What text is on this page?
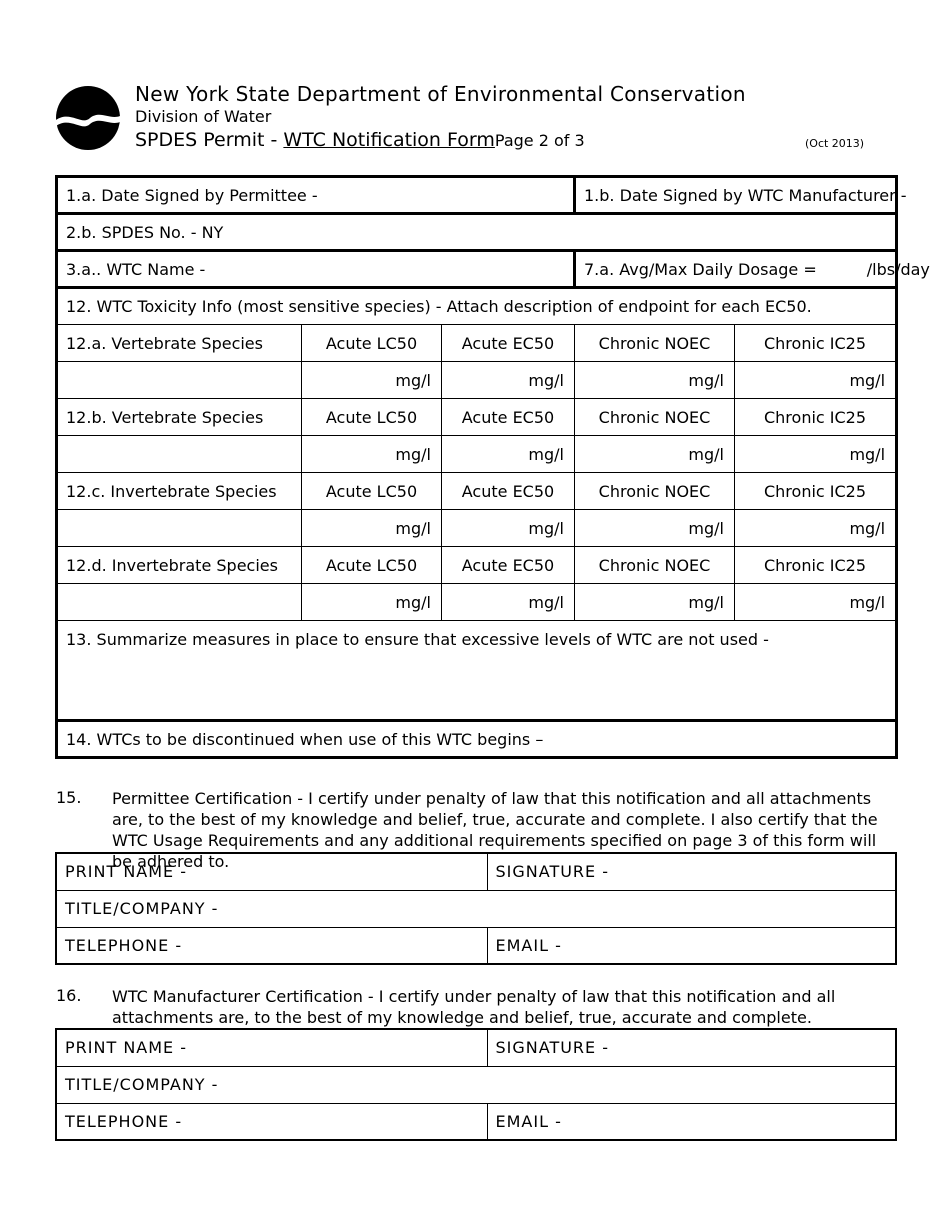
New York State Department of Environmental Conservation
Division of Water
SPDES Permit - WTC Notification FormPage 2 of 3	(Oct 2013)
1.a. Date Signed by Permittee -			1.b. Date Signed by WTC Manufacturer -	
2.b. SPDES No. - NY				
3.a.. WTC Name -			7.a. Avg/Max Daily Dosage = / lbs/day	

12. WTC Toxicity Info (most sensitive species) - Attach description of endpoint for each EC50.				
12.a. Vertebrate Species	Acute LC50	Acute EC50	Chronic NOEC	Chronic IC25
	mg/l	mg/l	mg/l	mg/l
12.b. Vertebrate Species	Acute LC50	Acute EC50	Chronic NOEC	Chronic IC25
	mg/l	mg/l	mg/l	mg/l
12.c. Invertebrate Species	Acute LC50	Acute EC50	Chronic NOEC	Chronic IC25
	mg/l	mg/l	mg/l	mg/l
12.d. Invertebrate Species	Acute LC50	Acute EC50	Chronic NOEC	Chronic IC25
	mg/l	mg/l	mg/l	mg/l
13. Summarize measures in place to ensure that excessive levels of WTC are not used -				
14. WTCs to be discontinued when use of this WTC begins –				
15. Permittee Certification - I certify under penalty of law that this notification and all attachments are, to the best of my knowledge and belief, true, accurate and complete. I also certify that the WTC Usage Requirements and any additional requirements specified on page 3 of this form will be adhered to.
PRINT NAME -	SIGNATURE -
TITLE/COMPANY -	
TELEPHONE -	EMAIL -
16. WTC Manufacturer Certification - I certify under penalty of law that this notification and all attachments are, to the best of my knowledge and belief, true, accurate and complete.
PRINT NAME -	SIGNATURE -
TITLE/COMPANY -	
TELEPHONE -	EMAIL -
